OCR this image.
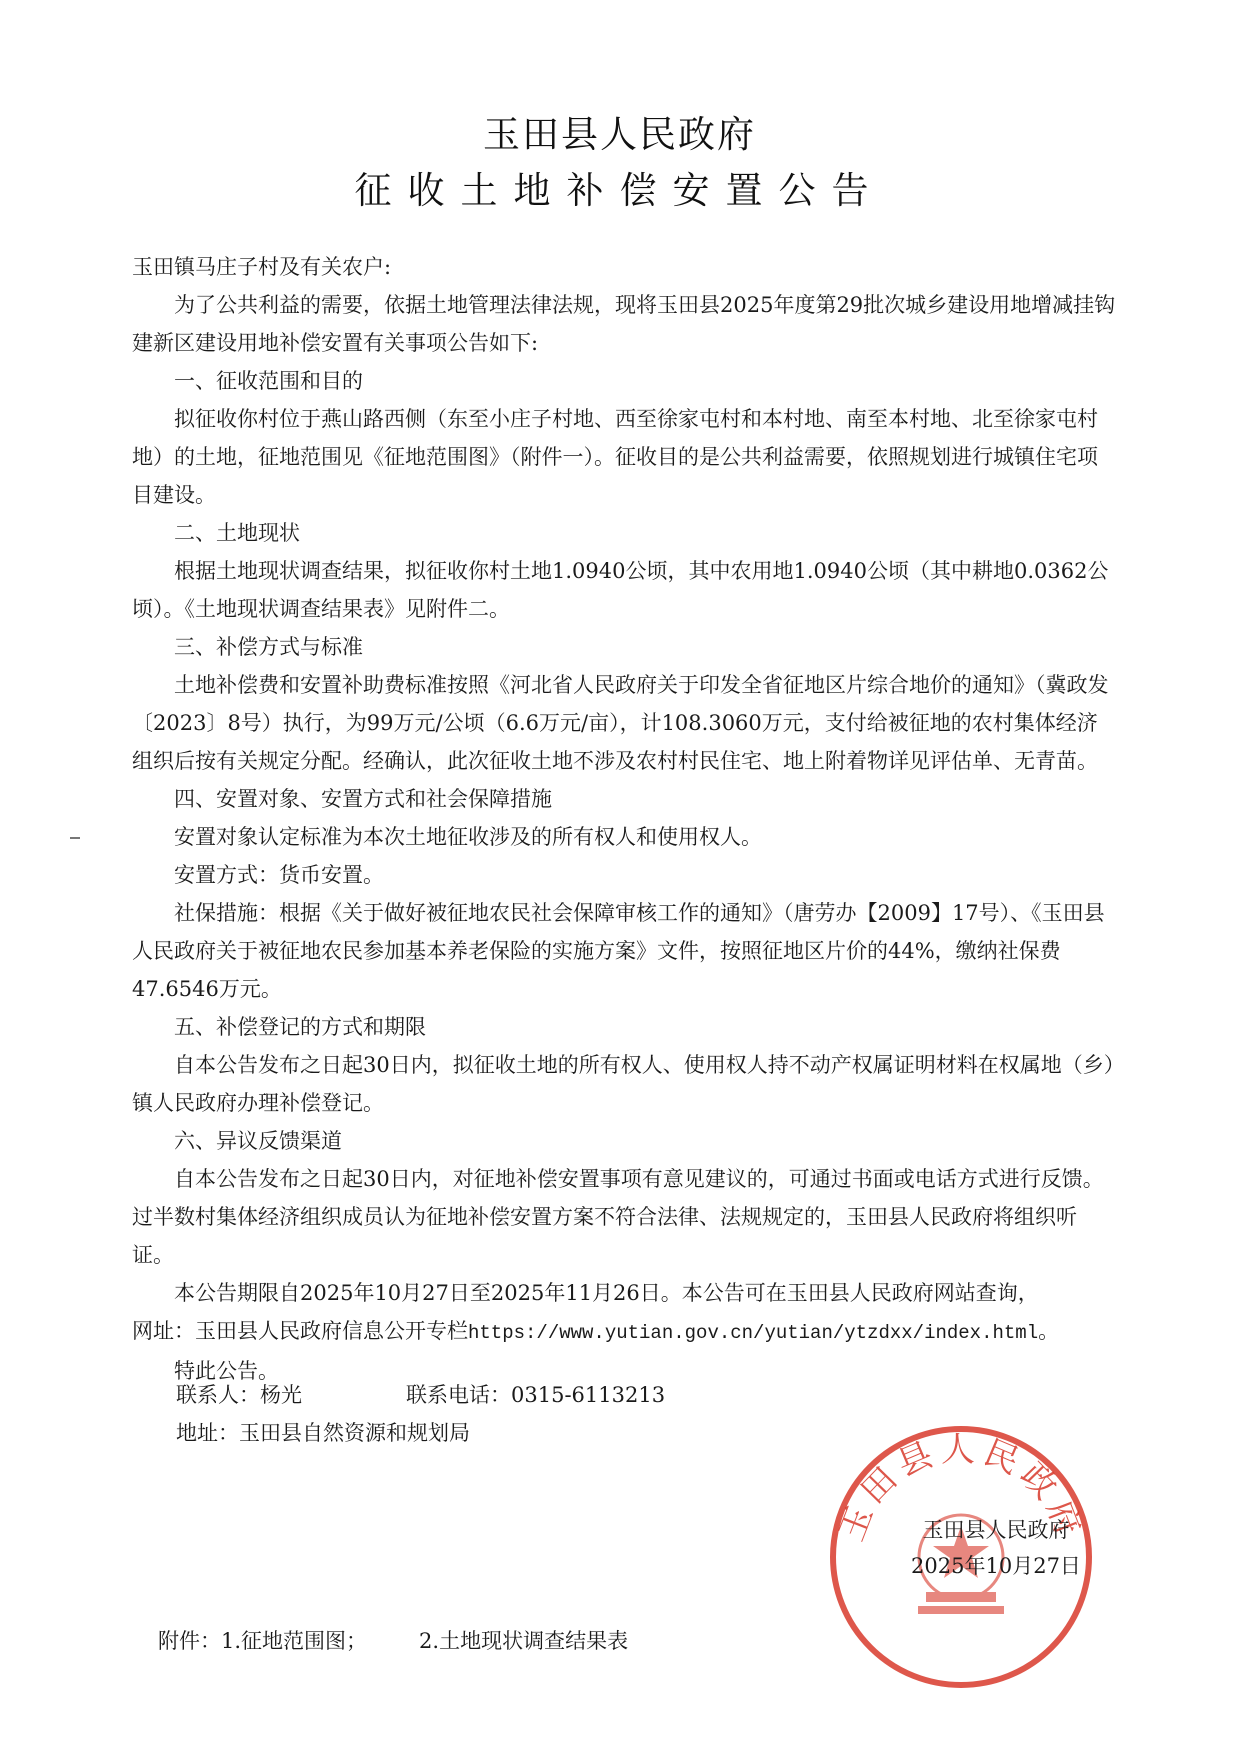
玉田县人民政府
征收土地补偿安置公告

玉田镇马庄子村及有关农户:

为了公共利益的需要，依据土地管理法律法规，现将玉田县2025年度第29批次城乡建设用地增减挂钩建新区建设用地补偿安置有关事项公告如下:

一、征收范围和目的

拟征收你村位于燕山路西侧（东至小庄子村地、西至徐家屯村和本村地、南至本村地、北至徐家屯村地）的土地，征地范围见《征地范围图》（附件一）。征收目的是公共利益需要，依照规划进行城镇住宅项目建设。

二、土地现状

根据土地现状调查结果，拟征收你村土地1.0940公顷，其中农用地1.0940公顷（其中耕地0.0362公顷）。《土地现状调查结果表》见附件二。

三、补偿方式与标准

土地补偿费和安置补助费标准按照《河北省人民政府关于印发全省征地区片综合地价的通知》（冀政发〔2023〕8号）执行，为99万元/公顷（6.6万元/亩），计108.3060万元，支付给被征地的农村集体经济组织后按有关规定分配。经确认，此次征收土地不涉及农村村民住宅、地上附着物详见评估单、无青苗。

四、安置对象、安置方式和社会保障措施

安置对象认定标准为本次土地征收涉及的所有权人和使用权人。

安置方式：货币安置。

社保措施：根据《关于做好被征地农民社会保障审核工作的通知》（唐劳办【2009】17号）、《玉田县人民政府关于被征地农民参加基本养老保险的实施方案》文件，按照征地区片价的44%，缴纳社保费47.6546万元。

五、补偿登记的方式和期限

自本公告发布之日起30日内，拟征收土地的所有权人、使用权人持不动产权属证明材料在权属地（乡）镇人民政府办理补偿登记。

六、异议反馈渠道

自本公告发布之日起30日内，对征地补偿安置事项有意见建议的，可通过书面或电话方式进行反馈。过半数村集体经济组织成员认为征地补偿安置方案不符合法律、法规规定的，玉田县人民政府将组织听证。

本公告期限自2025年10月27日至2025年11月26日。本公告可在玉田县人民政府网站查询，

网址：玉田县人民政府信息公开专栏https://www.yutian.gov.cn/yutian/ytzdxx/index.html。

特此公告。

联系人：杨光	联系电话：0315-6113213
地址：玉田县自然资源和规划局
玉田县人民政府
玉田县人民政府
2025年10月27日
附件：1.征地范围图； 2.土地现状调查结果表
